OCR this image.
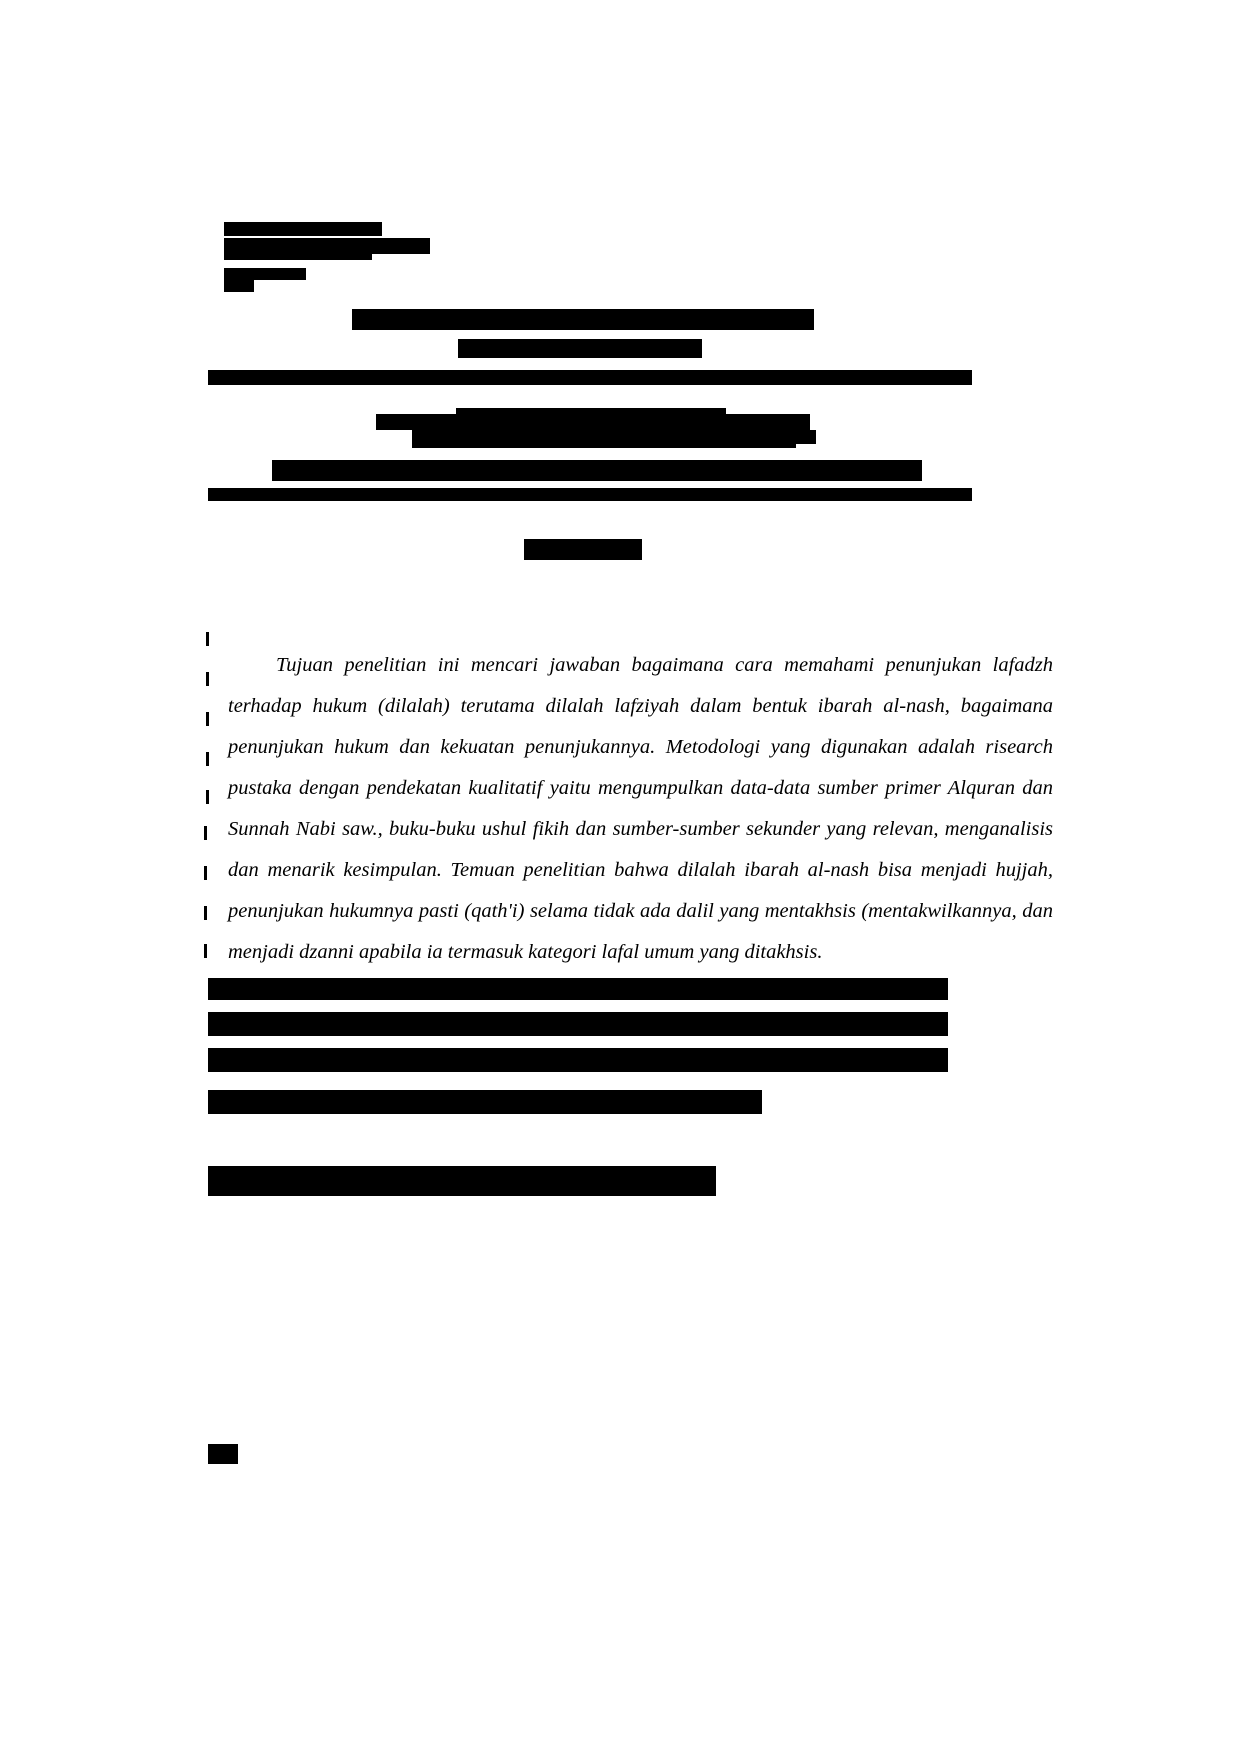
Tujuan penelitian ini mencari jawaban bagaimana cara memahami penunjukan lafadzh terhadap hukum (dilalah) terutama dilalah lafziyah dalam bentuk ibarah al-nash, bagaimana penunjukan hukum dan kekuatan penunjukannya. Metodologi yang digunakan adalah risearch pustaka dengan pendekatan kualitatif yaitu mengumpulkan data-data sumber primer Alquran dan Sunnah Nabi saw., buku-buku ushul fikih dan sumber-sumber sekunder yang relevan, menganalisis dan menarik kesimpulan. Temuan penelitian bahwa dilalah ibarah al-nash bisa menjadi hujjah, penunjukan hukumnya pasti (qath'i) selama tidak ada dalil yang mentakhsis (mentakwilkannya, dan menjadi dzanni apabila ia termasuk kategori lafal umum yang ditakhsis.
